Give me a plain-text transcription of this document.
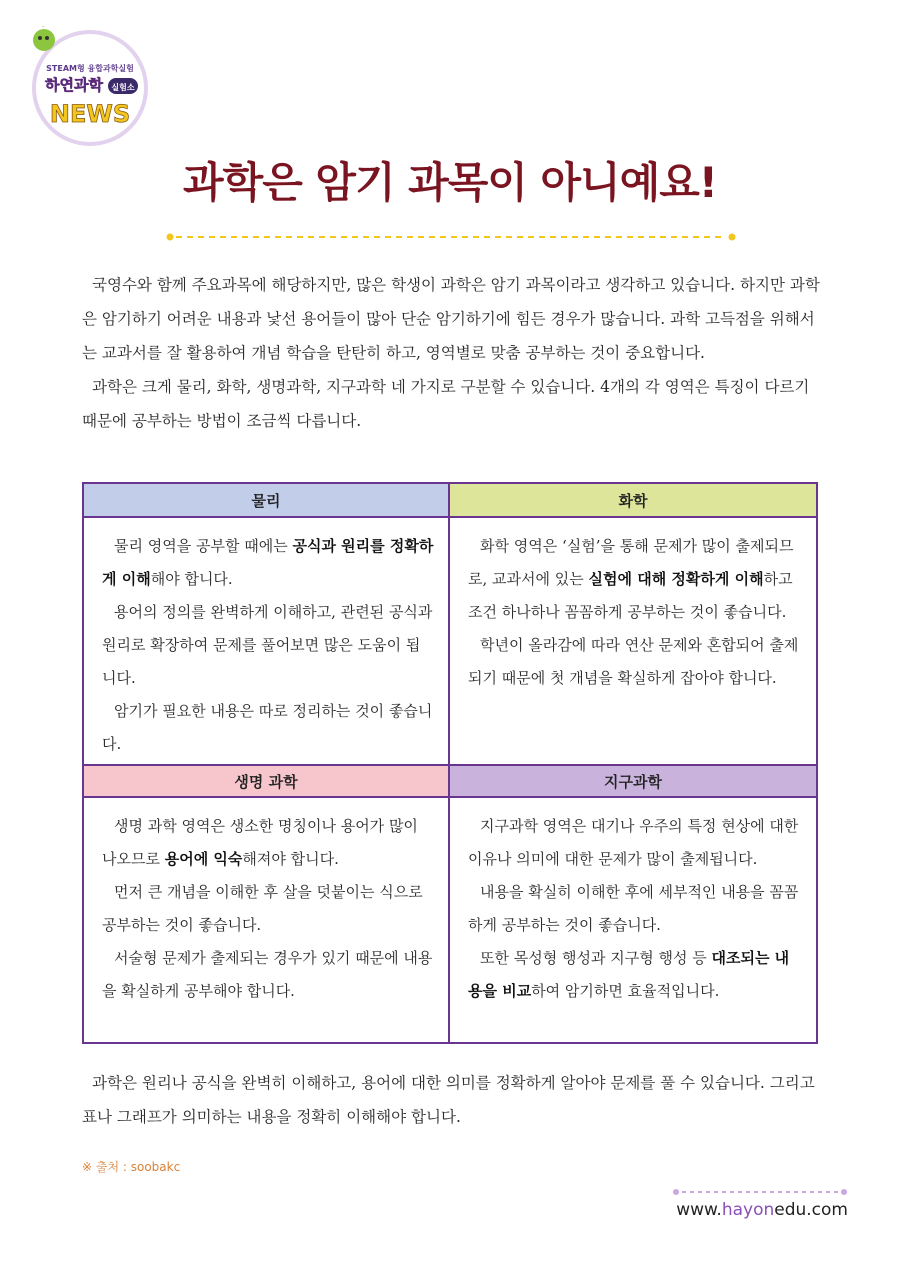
STEAM형 융합과학실험
하연과학 실험소
NEWS
과학은 암기 과목이 아니예요!

국영수와 함께 주요과목에 해당하지만, 많은 학생이 과학은 암기 과목이라고 생각하고 있습니다. 하지만 과학은 암기하기 어려운 내용과 낯선 용어들이 많아 단순 암기하기에 힘든 경우가 많습니다. 과학 고득점을 위해서는 교과서를 잘 활용하여 개념 학습을 탄탄히 하고, 영역별로 맞춤 공부하는 것이 중요합니다.

과학은 크게 물리, 화학, 생명과학, 지구과학 네 가지로 구분할 수 있습니다. 4개의 각 영역은 특징이 다르기 때문에 공부하는 방법이 조금씩 다릅니다.

물리	화학

물리 영역을 공부할 때에는 공식과 원리를 정확하게 이해해야 합니다.

용어의 정의를 완벽하게 이해하고, 관련된 공식과 원리로 확장하여 문제를 풀어보면 많은 도움이 됩니다.

암기가 필요한 내용은 따로 정리하는 것이 좋습니다.

화학 영역은 ‘실험’을 통해 문제가 많이 출제되므로, 교과서에 있는 실험에 대해 정확하게 이해하고 조건 하나하나 꼼꼼하게 공부하는 것이 좋습니다.

학년이 올라감에 따라 연산 문제와 혼합되어 출제되기 때문에 첫 개념을 확실하게 잡아야 합니다.

생명 과학	지구과학

생명 과학 영역은 생소한 명칭이나 용어가 많이 나오므로 용어에 익숙해져야 합니다.

먼저 큰 개념을 이해한 후 살을 덧붙이는 식으로 공부하는 것이 좋습니다.

서술형 문제가 출제되는 경우가 있기 때문에 내용을 확실하게 공부해야 합니다.

지구과학 영역은 대기나 우주의 특정 현상에 대한 이유나 의미에 대한 문제가 많이 출제됩니다.

내용을 확실히 이해한 후에 세부적인 내용을 꼼꼼하게 공부하는 것이 좋습니다.

또한 목성형 행성과 지구형 행성 등 대조되는 내용을 비교하여 암기하면 효율적입니다.

과학은 원리나 공식을 완벽히 이해하고, 용어에 대한 의미를 정확하게 알아야 문제를 풀 수 있습니다. 그리고 표나 그래프가 의미하는 내용을 정확히 이해해야 합니다.

※ 출처 : soobakc
www.hayonedu.com
